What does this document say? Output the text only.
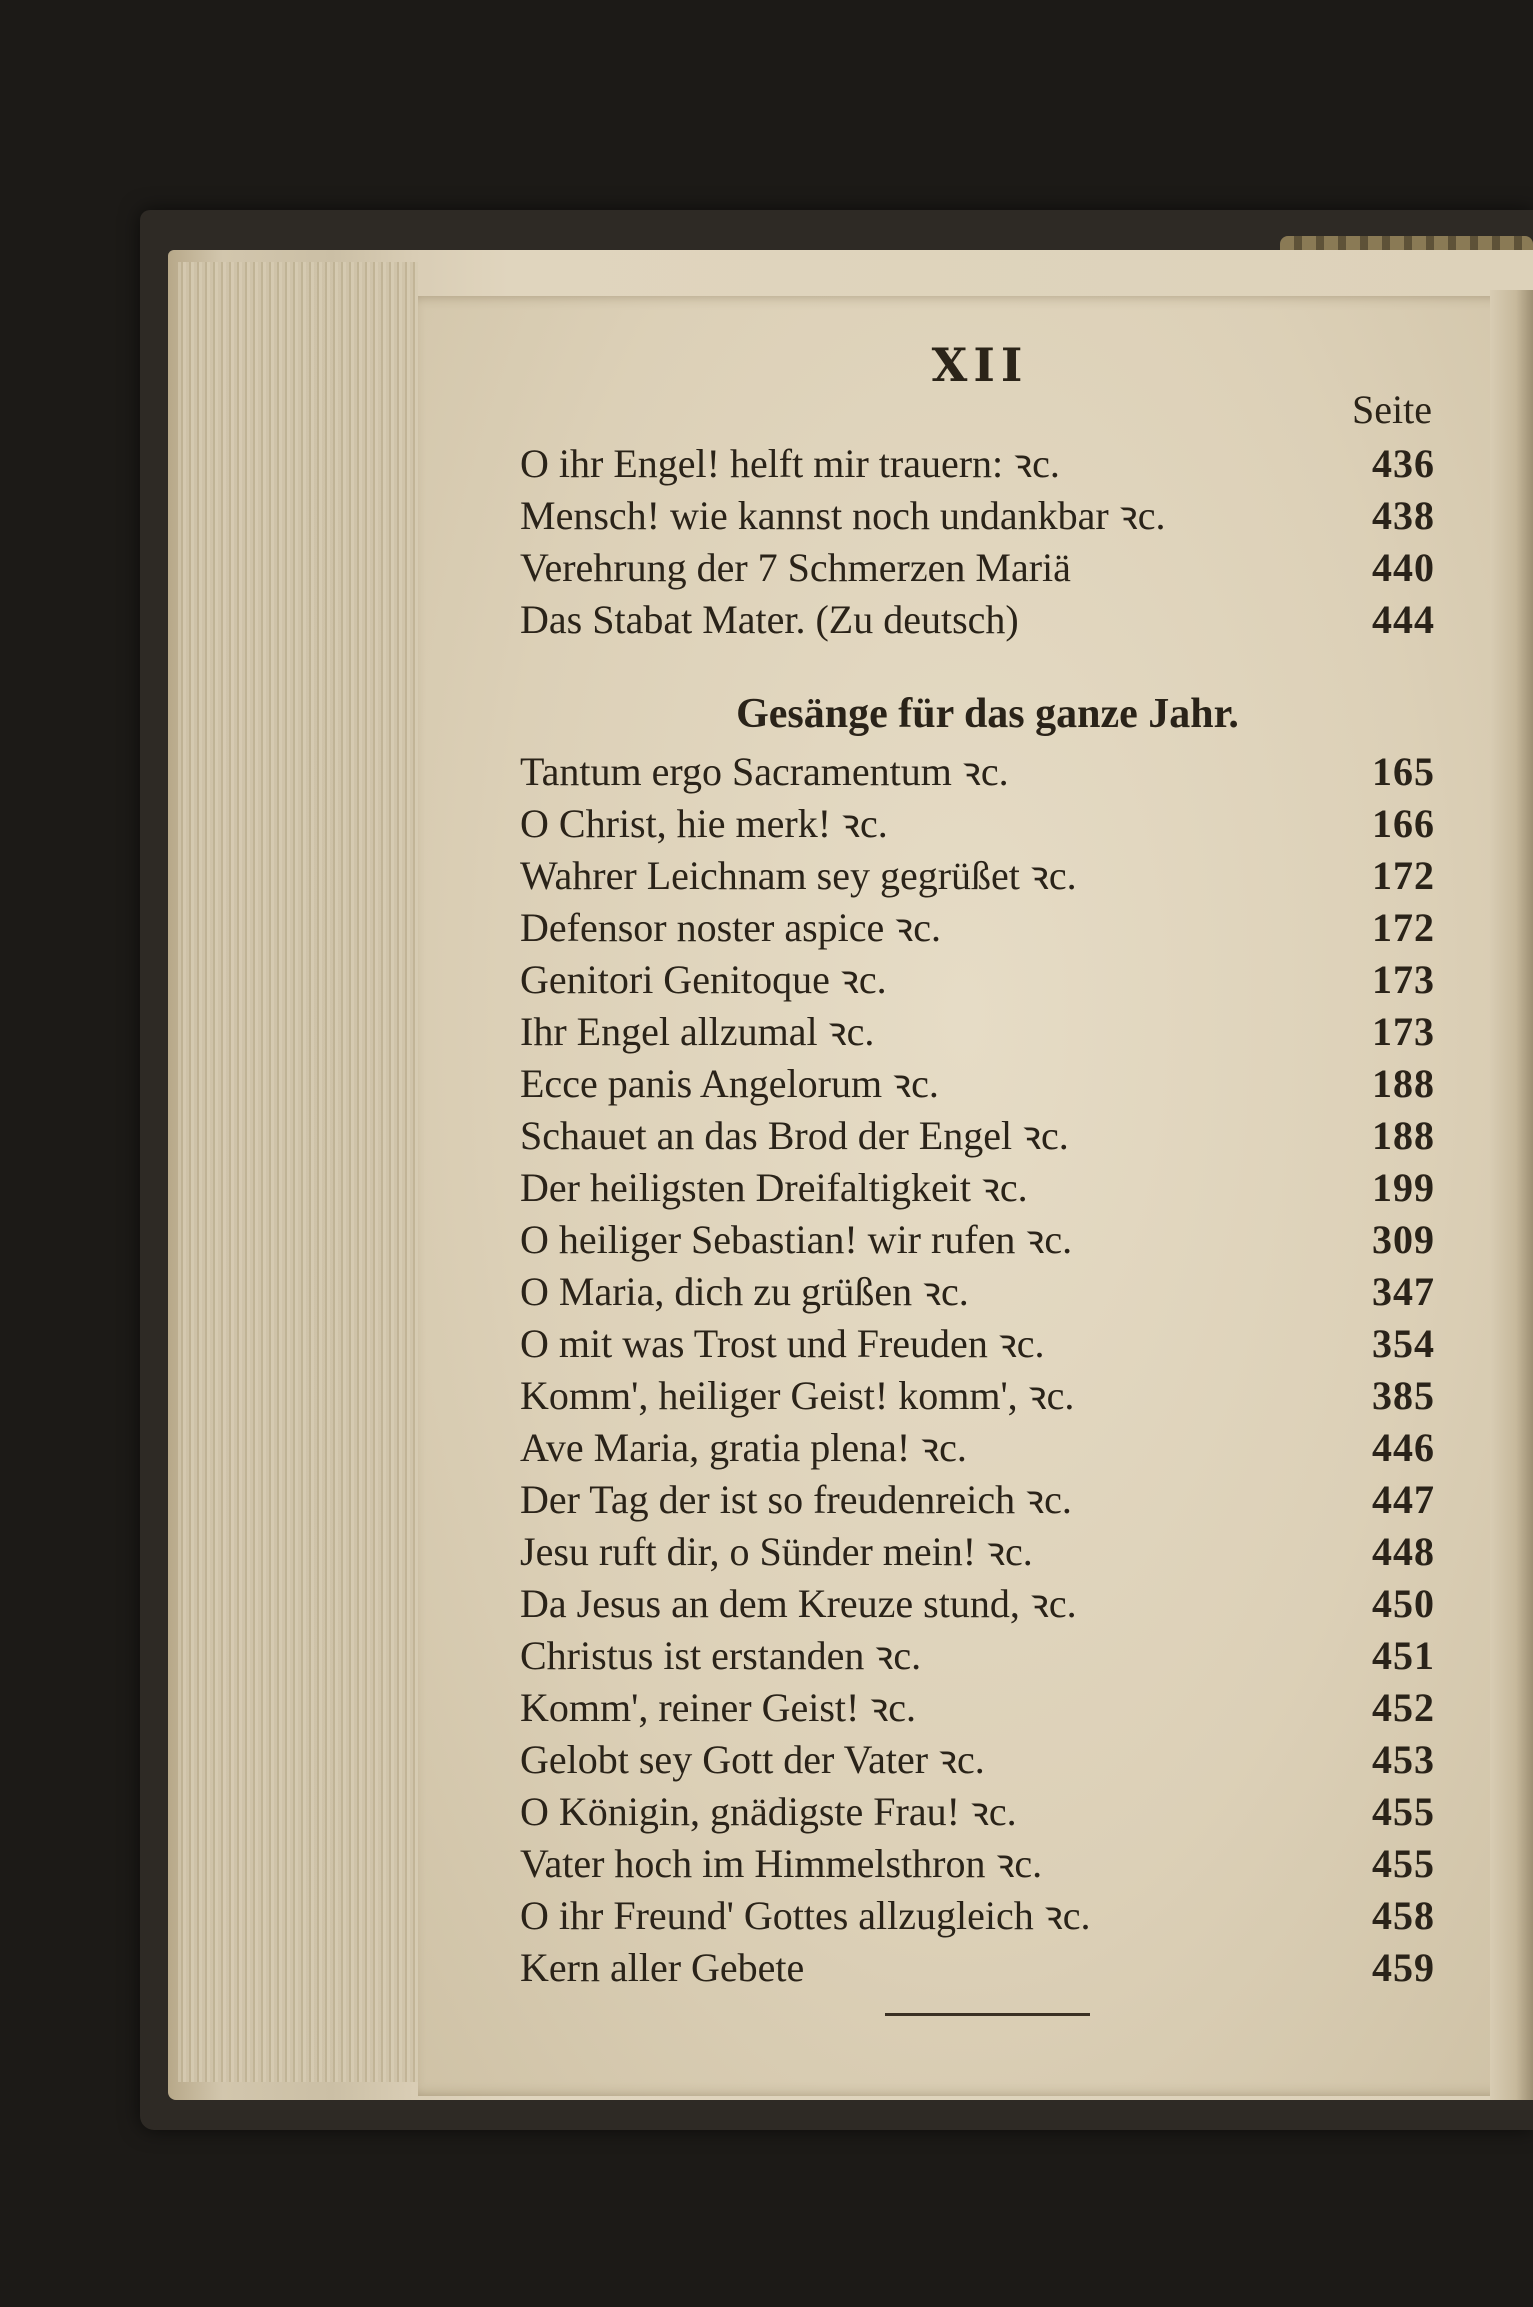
XII
Seite
O ihr Engel! helft mir trauern: ꝛc.	436
Mensch! wie kannst noch undankbar ꝛc.	438
Verehrung der 7 Schmerzen Mariä	440
Das Stabat Mater. (Zu deutsch)	444
Gesänge für das ganze Jahr.
Tantum ergo Sacramentum ꝛc.	165
O Christ, hie merk! ꝛc.	166
Wahrer Leichnam sey gegrüßet ꝛc.	172
Defensor noster aspice ꝛc.	172
Genitori Genitoque ꝛc.	173
Ihr Engel allzumal ꝛc.	173
Ecce panis Angelorum ꝛc.	188
Schauet an das Brod der Engel ꝛc.	188
Der heiligsten Dreifaltigkeit ꝛc.	199
O heiliger Sebastian! wir rufen ꝛc.	309
O Maria, dich zu grüßen ꝛc.	347
O mit was Trost und Freuden ꝛc.	354
Komm', heiliger Geist! komm', ꝛc.	385
Ave Maria, gratia plena! ꝛc.	446
Der Tag der ist so freudenreich ꝛc.	447
Jesu ruft dir, o Sünder mein! ꝛc.	448
Da Jesus an dem Kreuze stund, ꝛc.	450
Christus ist erstanden ꝛc.	451
Komm', reiner Geist! ꝛc.	452
Gelobt sey Gott der Vater ꝛc.	453
O Königin, gnädigste Frau! ꝛc.	455
Vater hoch im Himmelsthron ꝛc.	455
O ihr Freund' Gottes allzugleich ꝛc.	458
Kern aller Gebete	459
